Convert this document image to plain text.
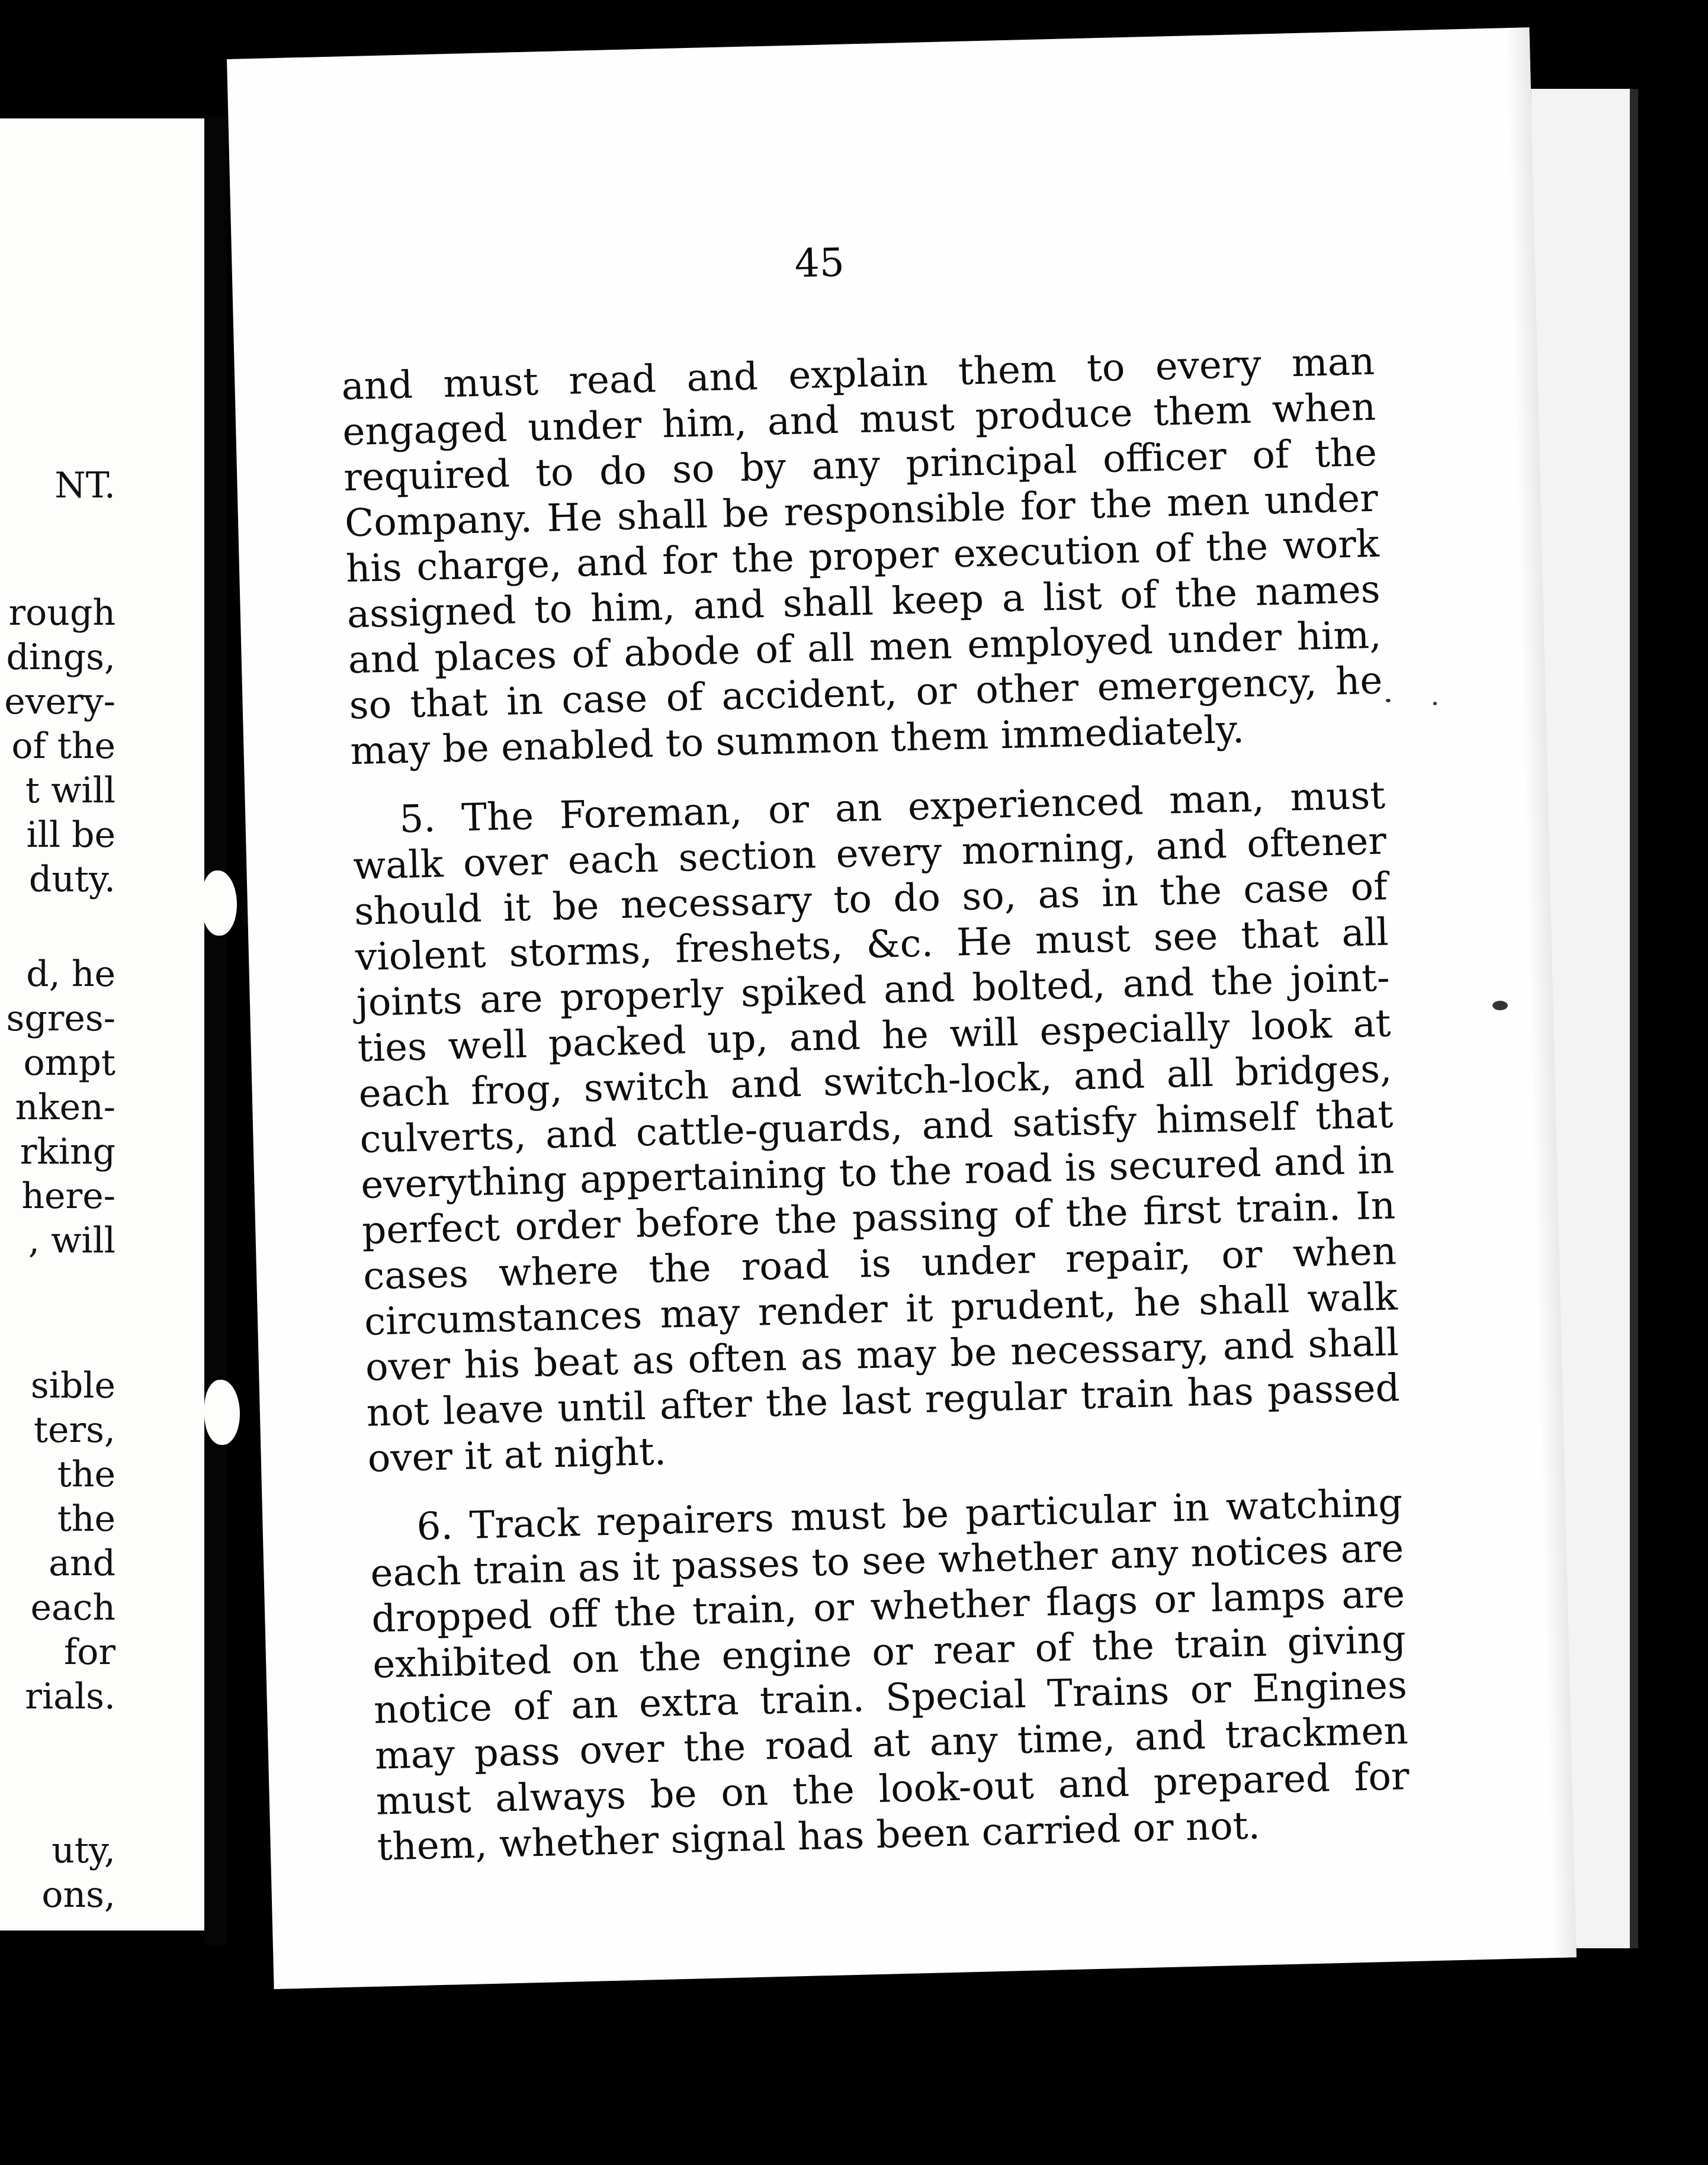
NT.
rough
dings,
every-
of the
t will
ill be
duty.
d, he
sgres-
ompt
nken-
rking
here-
, will
sible
ters,
the
the
and
each
for
rials.
uty,
ons,
45

and must read and explain them to every man engaged under him, and must produce them when required to do so by any principal officer of the Company. He shall be responsible for the men under his charge, and for the proper execution of the work assigned to him, and shall keep a list of the names and places of abode of all men employed under him, so that in case of accident, or other emergency, he may be enabled to summon them immediately.

5. The Foreman, or an experienced man, must walk over each section every morning, and oftener should it be necessary to do so, as in the case of violent storms, freshets, &c. He must see that all joints are properly spiked and bolted, and the joint-ties well packed up, and he will especially look at each frog, switch and switch-lock, and all bridges, culverts, and cattle-guards, and satisfy himself that everything appertaining to the road is secured and in perfect order before the passing of the first train. In cases where the road is under repair, or when circumstances may render it prudent, he shall walk over his beat as often as may be necessary, and shall not leave until after the last regular train has passed over it at night.

6. Track repairers must be particular in watching each train as it passes to see whether any notices are dropped off the train, or whether flags or lamps are exhibited on the engine or rear of the train giving notice of an extra train. Special Trains or Engines may pass over the road at any time, and trackmen must always be on the look-out and prepared for them, whether signal has been carried or not.
